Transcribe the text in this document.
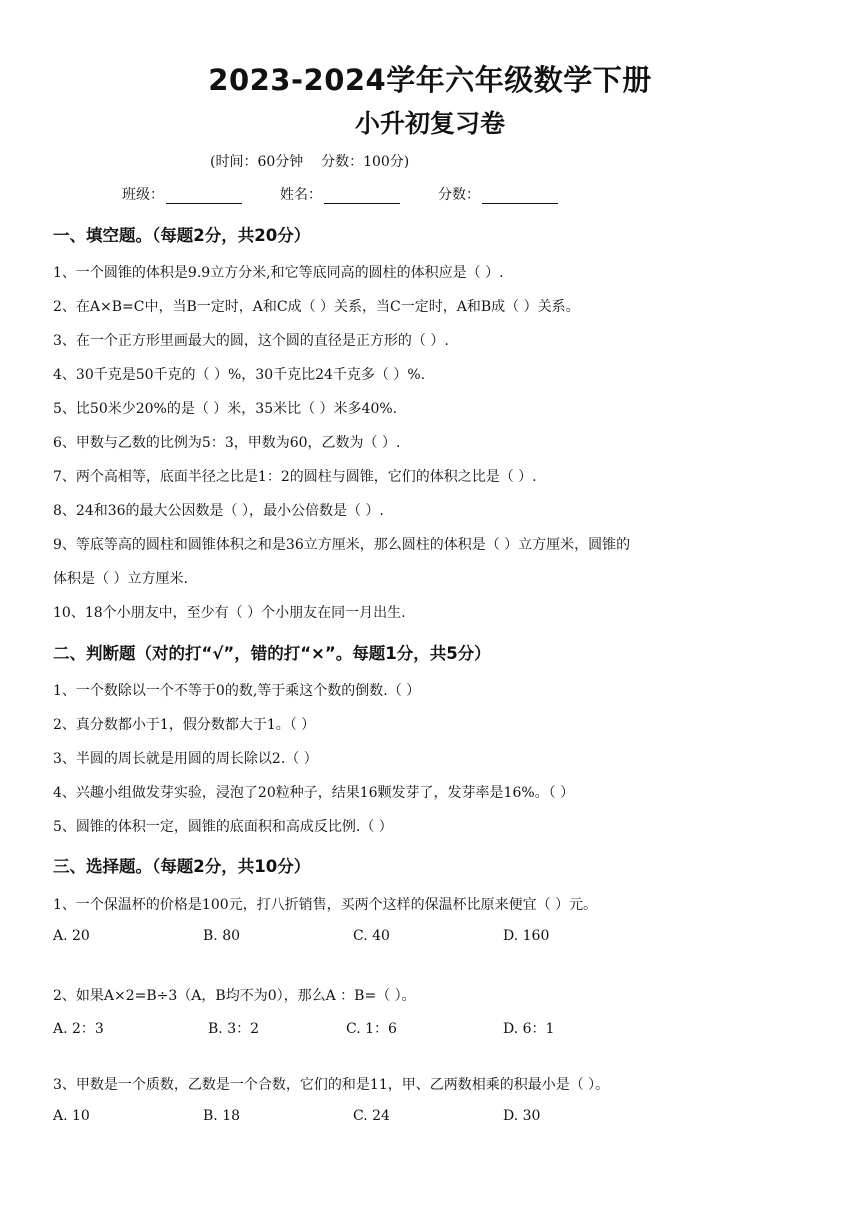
2023-2024学年六年级数学下册
小升初复习卷
(时间：60分钟    分数：100分)
班级：	姓名：	分数：
一、填空题。（每题2分，共20分）
1、一个圆锥的体积是9.9立方分米,和它等底同高的圆柱的体积应是（ ）.
2、在A×B=C中，当B一定时，A和C成（ ）关系，当C一定时，A和B成（ ）关系。
3、在一个正方形里画最大的圆，这个圆的直径是正方形的（ ）.
4、30千克是50千克的（ ）%，30千克比24千克多（ ）%.
5、比50米少20%的是（ ）米，35米比（ ）米多40%.
6、甲数与乙数的比例为5：3，甲数为60，乙数为（ ）.
7、两个高相等，底面半径之比是1：2的圆柱与圆锥，它们的体积之比是（ ）.
8、24和36的最大公因数是（ ），最小公倍数是（ ）.
9、等底等高的圆柱和圆锥体积之和是36立方厘米，那么圆柱的体积是（ ）立方厘米，圆锥的
体积是（ ）立方厘米.
10、18个小朋友中，至少有（ ）个小朋友在同一月出生.
二、判断题（对的打“√”，错的打“×”。每题1分，共5分）
1、一个数除以一个不等于0的数,等于乘这个数的倒数.（ ）
2、真分数都小于1，假分数都大于1。（ ）
3、半圆的周长就是用圆的周长除以2.（ ）
4、兴趣小组做发芽实验，浸泡了20粒种子，结果16颗发芽了，发芽率是16%。（ ）
5、圆锥的体积一定，圆锥的底面积和高成反比例.（ ）
三、选择题。（每题2分，共10分）
1、一个保温杯的价格是100元，打八折销售，买两个这样的保温杯比原来便宜（ ）元。
A. 20	B. 80	C. 40	D. 160
2、如果A×2=B÷3（A，B均不为0），那么A ：B=（ ）。
A. 2：3	B. 3：2	C. 1：6	D. 6：1
3、甲数是一个质数，乙数是一个合数，它们的和是11，甲、乙两数相乘的积最小是（ ）。
A. 10	B. 18	C. 24	D. 30
